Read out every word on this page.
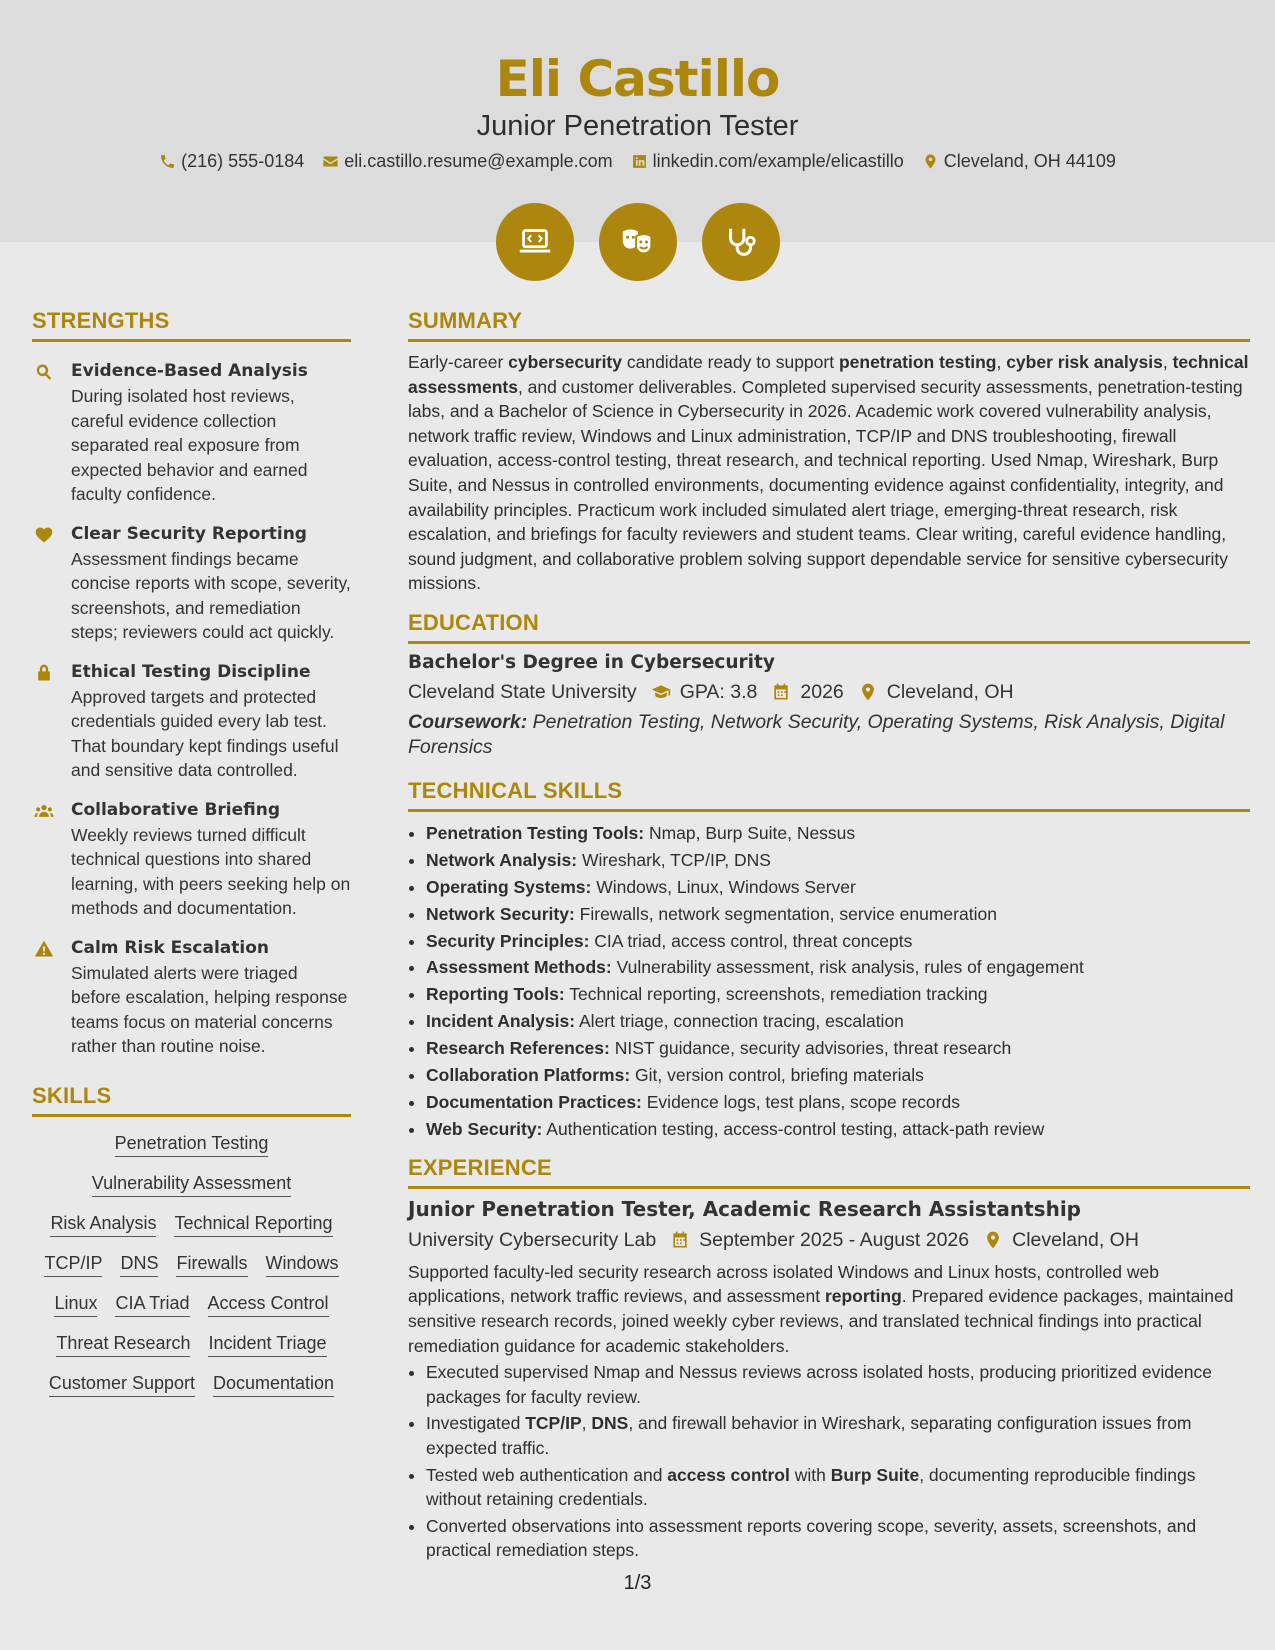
Eli Castillo
Junior Penetration Tester
(216) 555-0184 eli.castillo.resume@example.com linkedin.com/example/elicastillo Cleveland, OH 44109
STRENGTHS
Evidence-Based Analysis
During isolated host reviews, careful evidence collection separated real exposure from expected behavior and earned faculty confidence.
Clear Security Reporting
Assessment findings became concise reports with scope, severity, screenshots, and remediation steps; reviewers could act quickly.
Ethical Testing Discipline
Approved targets and protected credentials guided every lab test. That boundary kept findings useful and sensitive data controlled.
Collaborative Briefing
Weekly reviews turned difficult technical questions into shared learning, with peers seeking help on methods and documentation.
Calm Risk Escalation
Simulated alerts were triaged before escalation, helping response teams focus on material concerns rather than routine noise.
SKILLS
Penetration Testing
Vulnerability Assessment
Risk Analysis Technical Reporting
TCP/IP DNS Firewalls Windows
Linux CIA Triad Access Control
Threat Research Incident Triage
Customer Support Documentation
SUMMARY
Early-career cybersecurity candidate ready to support penetration testing, cyber risk analysis, technical assessments, and customer deliverables. Completed supervised security assessments, penetration-testing labs, and a Bachelor of Science in Cybersecurity in 2026. Academic work covered vulnerability analysis, network traffic review, Windows and Linux administration, TCP/IP and DNS troubleshooting, firewall evaluation, access-control testing, threat research, and technical reporting. Used Nmap, Wireshark, Burp Suite, and Nessus in controlled environments, documenting evidence against confidentiality, integrity, and availability principles. Practicum work included simulated alert triage, emerging-threat research, risk escalation, and briefings for faculty reviewers and student teams. Clear writing, careful evidence handling, sound judgment, and collaborative problem solving support dependable service for sensitive cybersecurity missions.
EDUCATION
Bachelor's Degree in Cybersecurity
Cleveland State University GPA: 3.8 2026 Cleveland, OH
Coursework: Penetration Testing, Network Security, Operating Systems, Risk Analysis, Digital Forensics
TECHNICAL SKILLS
• Penetration Testing Tools: Nmap, Burp Suite, Nessus
• Network Analysis: Wireshark, TCP/IP, DNS
• Operating Systems: Windows, Linux, Windows Server
• Network Security: Firewalls, network segmentation, service enumeration
• Security Principles: CIA triad, access control, threat concepts
• Assessment Methods: Vulnerability assessment, risk analysis, rules of engagement
• Reporting Tools: Technical reporting, screenshots, remediation tracking
• Incident Analysis: Alert triage, connection tracing, escalation
• Research References: NIST guidance, security advisories, threat research
• Collaboration Platforms: Git, version control, briefing materials
• Documentation Practices: Evidence logs, test plans, scope records
• Web Security: Authentication testing, access-control testing, attack-path review
EXPERIENCE
Junior Penetration Tester, Academic Research Assistantship
University Cybersecurity Lab September 2025 - August 2026 Cleveland, OH
Supported faculty-led security research across isolated Windows and Linux hosts, controlled web applications, network traffic reviews, and assessment reporting. Prepared evidence packages, maintained sensitive research records, joined weekly cyber reviews, and translated technical findings into practical remediation guidance for academic stakeholders.
• Executed supervised Nmap and Nessus reviews across isolated hosts, producing prioritized evidence packages for faculty review.
• Investigated TCP/IP, DNS, and firewall behavior in Wireshark, separating configuration issues from expected traffic.
• Tested web authentication and access control with Burp Suite, documenting reproducible findings without retaining credentials.
• Converted observations into assessment reports covering scope, severity, assets, screenshots, and practical remediation steps.
1/3
